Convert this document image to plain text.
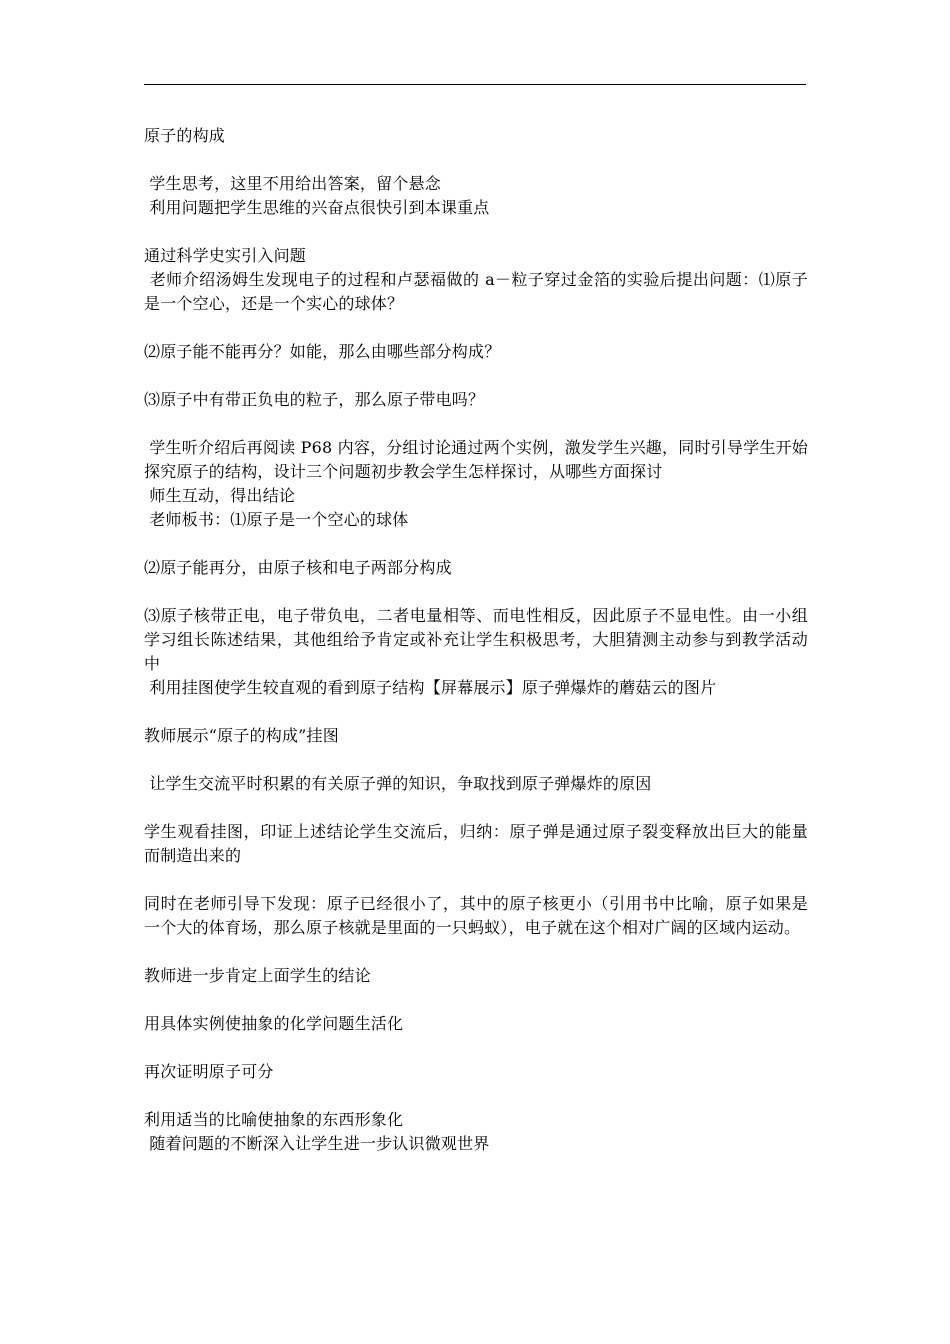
原子的构成
学生思考，这里不用给出答案，留个悬念
利用问题把学生思维的兴奋点很快引到本课重点
通过科学史实引入问题
老师介绍汤姆生发现电子的过程和卢瑟福做的 a－粒子穿过金箔的实验后提出问题：⑴原子是一个空心，还是一个实心的球体？
⑵原子能不能再分？如能，那么由哪些部分构成？
⑶原子中有带正负电的粒子，那么原子带电吗？
学生听介绍后再阅读 P68 内容，分组讨论通过两个实例，激发学生兴趣，同时引导学生开始探究原子的结构，设计三个问题初步教会学生怎样探讨，从哪些方面探讨
师生互动，得出结论
老师板书：⑴原子是一个空心的球体
⑵原子能再分，由原子核和电子两部分构成
⑶原子核带正电，电子带负电，二者电量相等、而电性相反，因此原子不显电性。由一小组学习组长陈述结果，其他组给予肯定或补充让学生积极思考，大胆猜测主动参与到教学活动中
利用挂图使学生较直观的看到原子结构【屏幕展示】原子弹爆炸的蘑菇云的图片
教师展示“原子的构成”挂图
让学生交流平时积累的有关原子弹的知识，争取找到原子弹爆炸的原因
学生观看挂图，印证上述结论学生交流后，归纳：原子弹是通过原子裂变释放出巨大的能量而制造出来的
同时在老师引导下发现：原子已经很小了，其中的原子核更小（引用书中比喻，原子如果是一个大的体育场，那么原子核就是里面的一只蚂蚁），电子就在这个相对广阔的区域内运动。
教师进一步肯定上面学生的结论
用具体实例使抽象的化学问题生活化
再次证明原子可分
利用适当的比喻使抽象的东西形象化
随着问题的不断深入让学生进一步认识微观世界
